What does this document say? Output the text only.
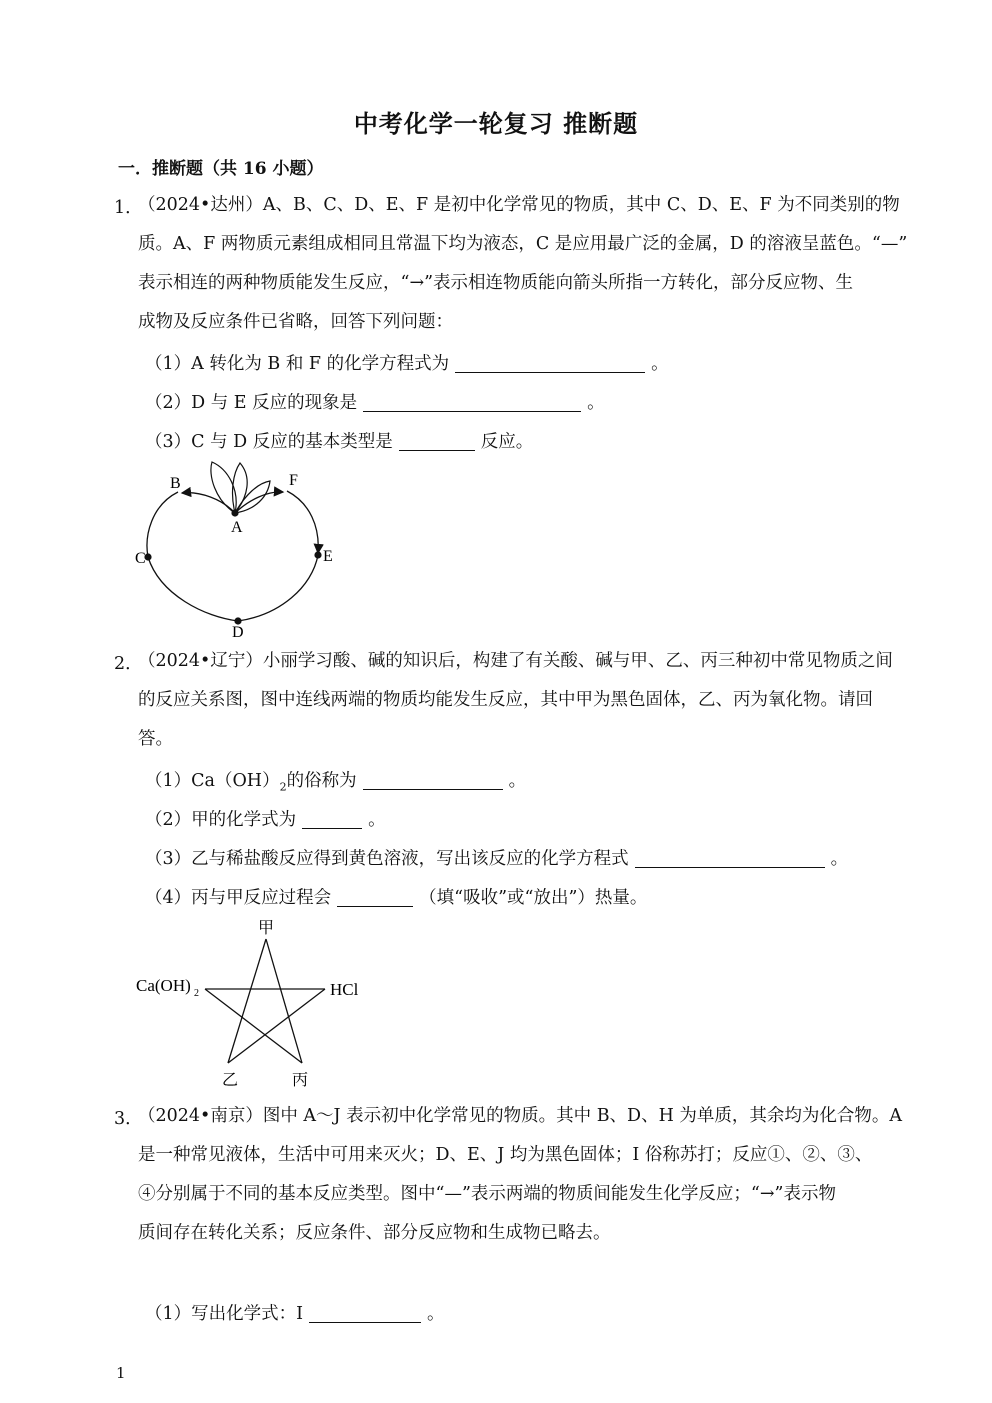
中考化学一轮复习 推断题
一．推断题（共 16 小题）
1．
（2024•达州）A、B、C、D、E、F 是初中化学常见的物质，其中 C、D、E、F 为不同类别的物
质。A、F 两物质元素组成相同且常温下均为液态，C 是应用最广泛的金属，D 的溶液呈蓝色。“—”
表示相连的两种物质能发生反应，“→”表示相连物质能向箭头所指一方转化，部分反应物、生
成物及反应条件已省略，回答下列问题：
（1）A 转化为 B 和 F 的化学方程式为	。
（2）D 与 E 反应的现象是	。
（3）C 与 D 反应的基本类型是	反应。
A
B
C
D
E
F
2．
（2024•辽宁）小丽学习酸、碱的知识后，构建了有关酸、碱与甲、乙、丙三种初中常见物质之间
的反应关系图，图中连线两端的物质均能发生反应，其中甲为黑色固体，乙、丙为氧化物。请回
答。
$(1)Ca(OH)_2$的俗称为	。
（2）甲的化学式为	。
（3）乙与稀盐酸反应得到黄色溶液，写出该反应的化学方程式	。
（4）丙与甲反应过程会	（填“吸收”或“放出”）热量。
甲
Ca(OH) 2	HCl
乙	丙
3．
（2024•南京）图中 A～J 表示初中化学常见的物质。其中 B、D、H 为单质，其余均为化合物。A
是一种常见液体，生活中可用来灭火；D、E、J 均为黑色固体；I 俗称苏打；反应①、②、③、
④分别属于不同的基本反应类型。图中“—”表示两端的物质间能发生化学反应；“→”表示物
质间存在转化关系；反应条件、部分反应物和生成物已略去。
（1）写出化学式：I	。
1
